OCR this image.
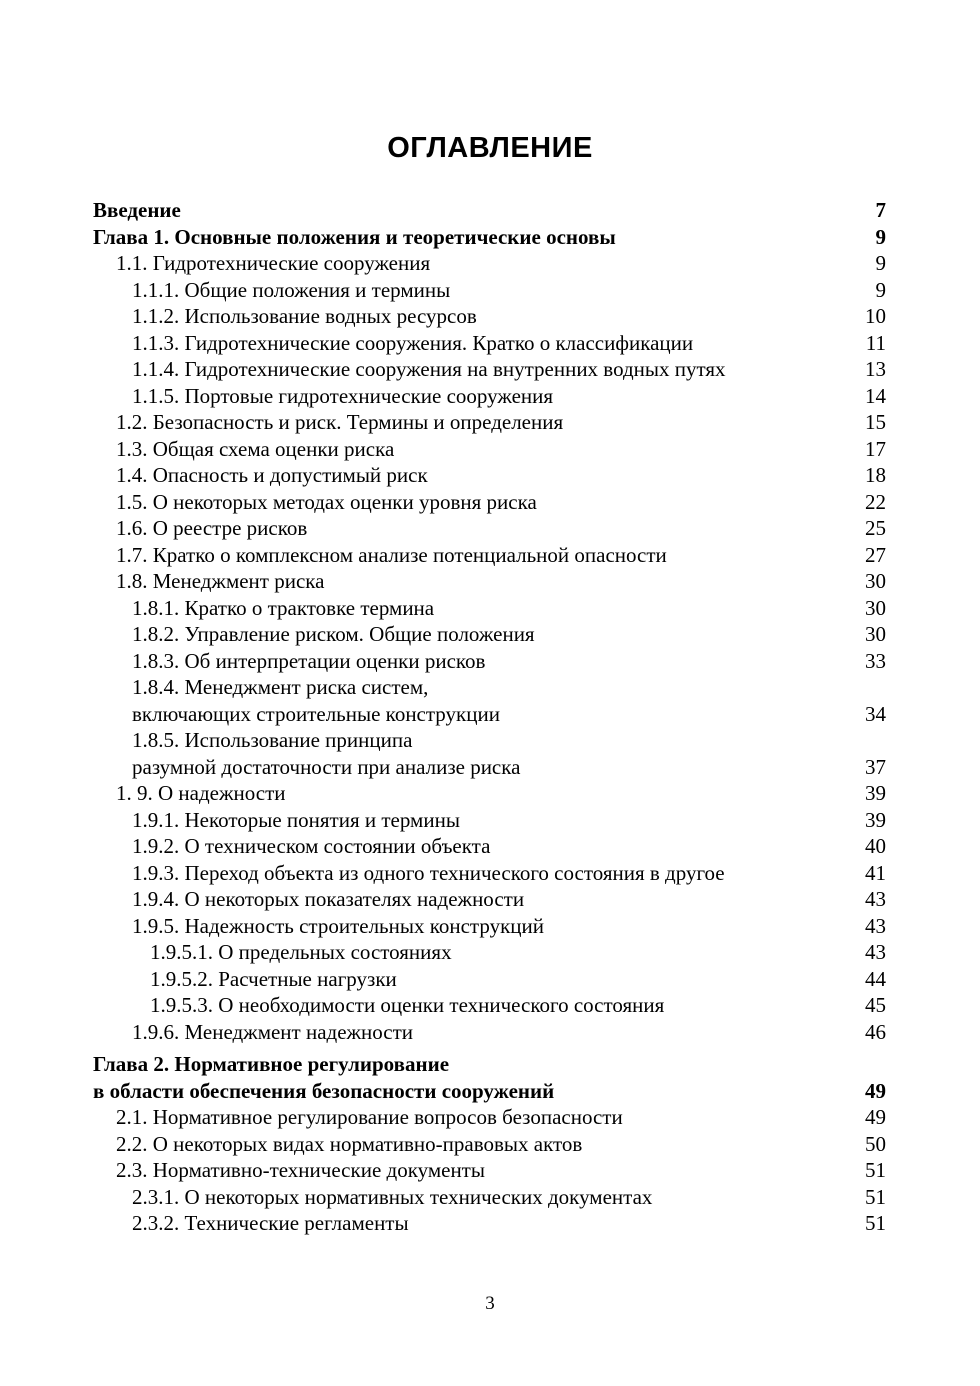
ОГЛАВЛЕНИЕ
Введение	7
Глава 1. Основные положения и теоретические основы	9
1.1. Гидротехнические сооружения	9
1.1.1. Общие положения и термины	9
1.1.2. Использование водных ресурсов	10
1.1.3. Гидротехнические сооружения. Кратко о классификации	11
1.1.4. Гидротехнические сооружения на внутренних водных путях	13
1.1.5. Портовые гидротехнические сооружения	14
1.2. Безопасность и риск. Термины и определения	15
1.3. Общая схема оценки риска	17
1.4. Опасность и допустимый риск	18
1.5. О некоторых методах оценки уровня риска	22
1.6. О реестре рисков	25
1.7. Кратко о комплексном анализе потенциальной опасности	27
1.8. Менеджмент риска	30
1.8.1. Кратко о трактовке термина	30
1.8.2. Управление риском. Общие положения	30
1.8.3. Об интерпретации оценки рисков	33
1.8.4. Менеджмент риска систем,
включающих строительные конструкции	34
1.8.5. Использование принципа
разумной достаточности при анализе риска	37
1. 9. О надежности	39
1.9.1. Некоторые понятия и термины	39
1.9.2. О техническом состоянии объекта	40
1.9.3. Переход объекта из одного технического состояния в другое	41
1.9.4. О некоторых показателях надежности	43
1.9.5. Надежность строительных конструкций	43
1.9.5.1. О предельных состояниях	43
1.9.5.2. Расчетные нагрузки	44
1.9.5.3. О необходимости оценки технического состояния	45
1.9.6. Менеджмент надежности	46
Глава 2. Нормативное регулирование
в области обеспечения безопасности сооружений	49
2.1. Нормативное регулирование вопросов безопасности	49
2.2. О некоторых видах нормативно-правовых актов	50
2.3. Нормативно-технические документы	51
2.3.1. О некоторых нормативных технических документах	51
2.3.2. Технические регламенты	51
3
